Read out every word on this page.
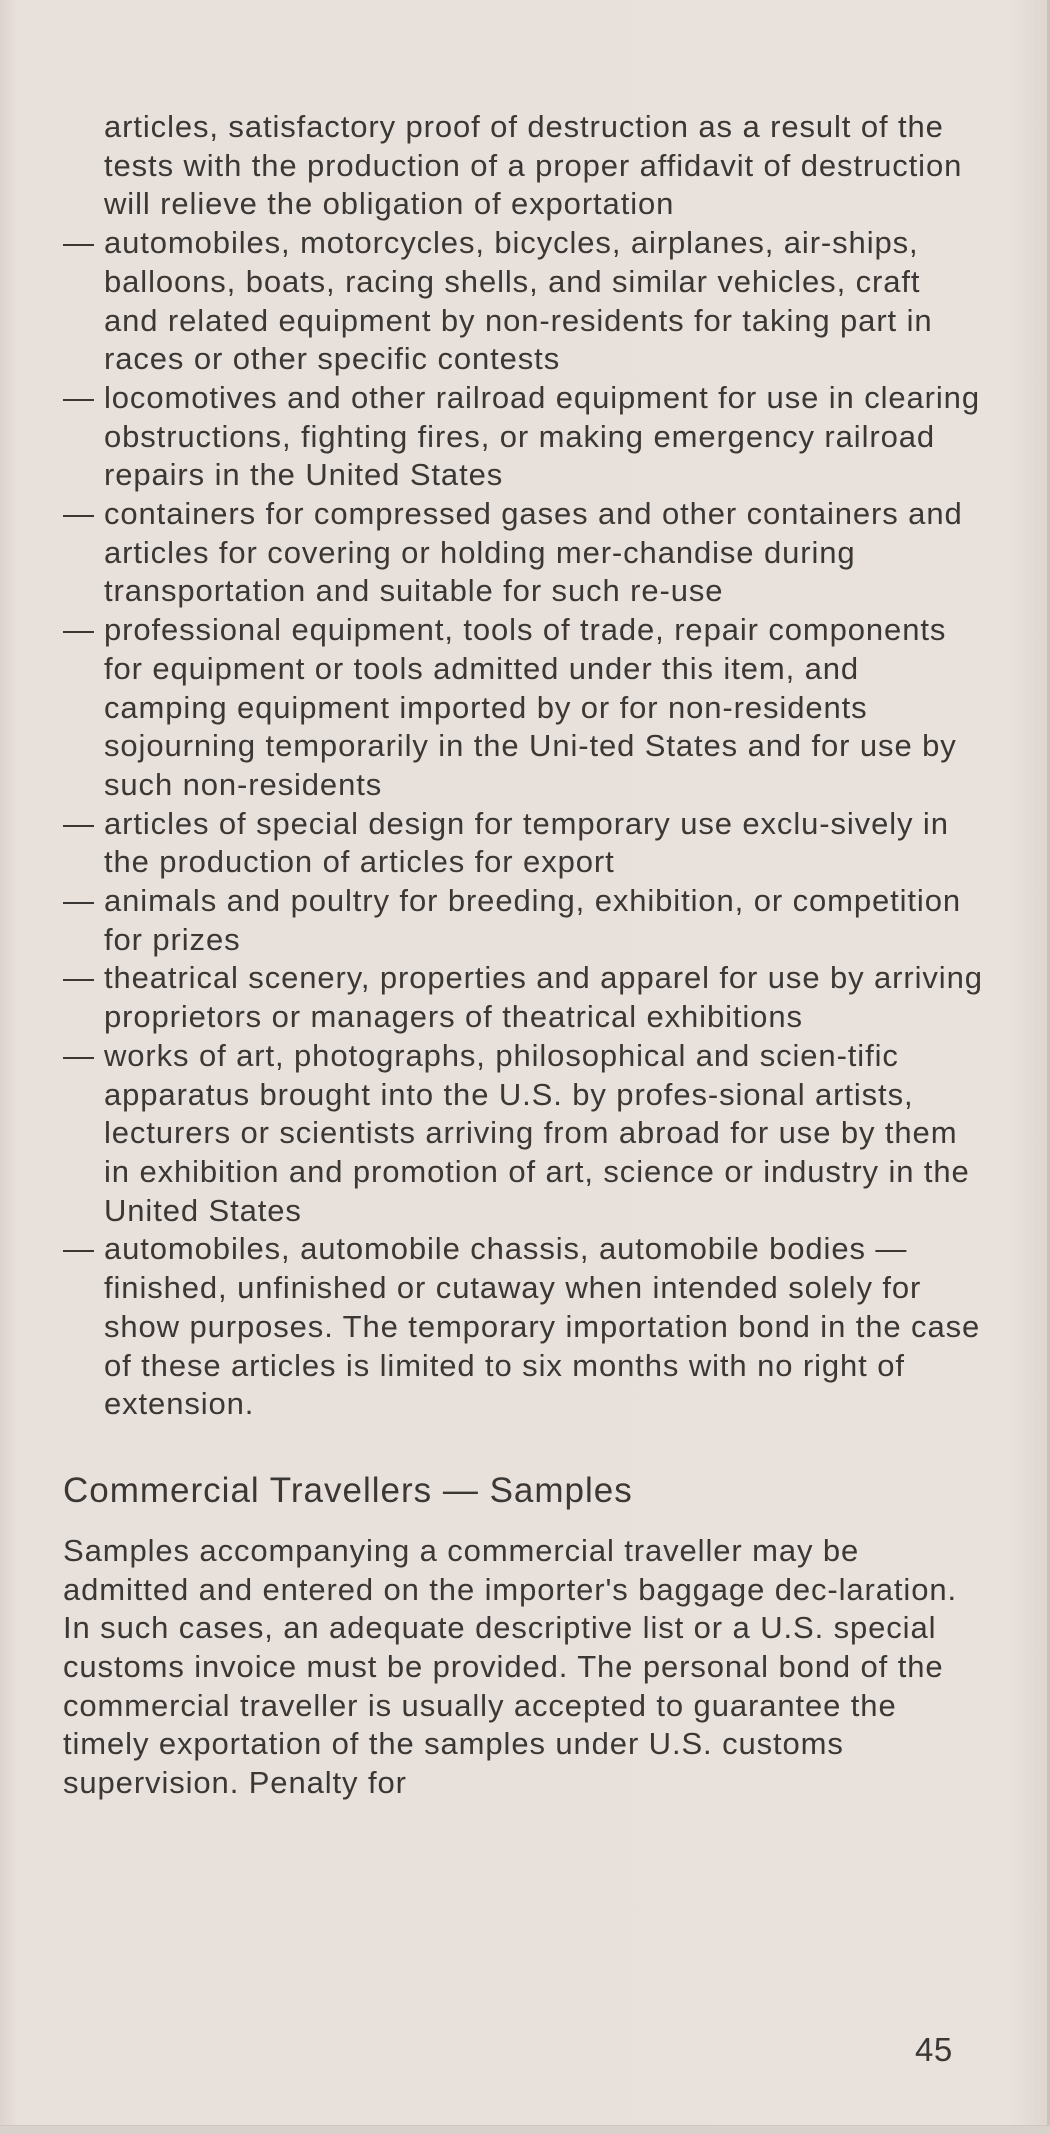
articles, satisfactory proof of destruction as a result of the tests with the production of a proper affidavit of destruction will relieve the obligation of exportation

— automobiles, motorcycles, bicycles, airplanes, air-ships, balloons, boats, racing shells, and similar vehicles, craft and related equipment by non-residents for taking part in races or other specific contests
— locomotives and other railroad equipment for use in clearing obstructions, fighting fires, or making emergency railroad repairs in the United States
— containers for compressed gases and other containers and articles for covering or holding mer-chandise during transportation and suitable for such re-use
— professional equipment, tools of trade, repair components for equipment or tools admitted under this item, and camping equipment imported by or for non-residents sojourning temporarily in the Uni-ted States and for use by such non-residents
— articles of special design for temporary use exclu-sively in the production of articles for export
— animals and poultry for breeding, exhibition, or competition for prizes
— theatrical scenery, properties and apparel for use by arriving proprietors or managers of theatrical exhibitions
— works of art, photographs, philosophical and scien-tific apparatus brought into the U.S. by profes-sional artists, lecturers or scientists arriving from abroad for use by them in exhibition and promotion of art, science or industry in the United States
— automobiles, automobile chassis, automobile bodies — finished, unfinished or cutaway when intended solely for show purposes. The temporary importation bond in the case of these articles is limited to six months with no right of extension.
Commercial Travellers — Samples

Samples accompanying a commercial traveller may be admitted and entered on the importer's baggage dec-laration. In such cases, an adequate descriptive list or a U.S. special customs invoice must be provided. The personal bond of the commercial traveller is usually accepted to guarantee the timely exportation of the samples under U.S. customs supervision. Penalty for

45
